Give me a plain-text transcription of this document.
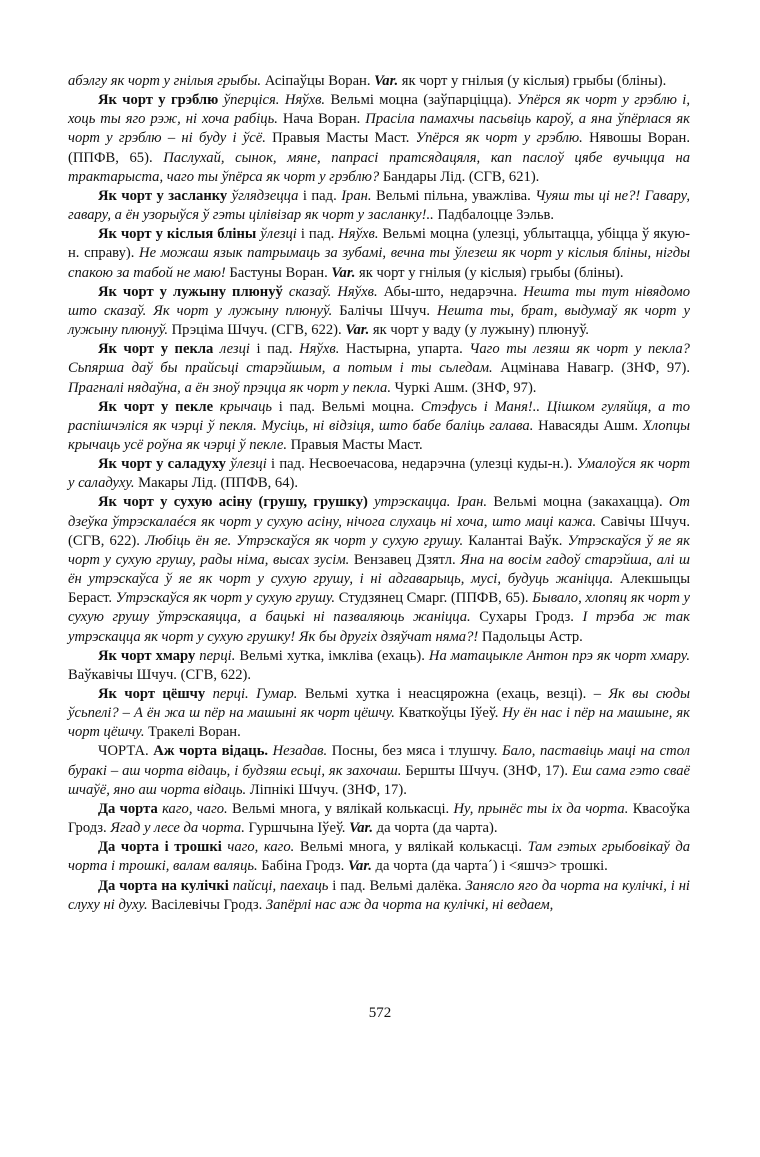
абэлгу як чорт у гнілыя грыбы. Асіпаўцы Воран. Var. як чорт у гнілыя (у кіслыя) грыбы (бліны).

Як чорт у грэблю ўперціся. Няўхв. Вельмі моцна (заўпарціцца). Упёрся як чорт у грэблю і, хоць ты яго рэж, ні хоча рабіць. Нача Воран. Прасіла памахчы пасьвіць кароў, а яна ўпёрлася як чорт у грэблю – ні буду і ўсё. Правыя Масты Маст. Упёрся як чорт у грэблю. Нявошы Воран. (ППФВ, 65). Паслухай, сынок, мяне, папрасі пратсядацяля, кап паслоў цябе вучыцца на трактарыста, чаго ты ўпёрса як чорт у грэблю? Бандары Лід. (СГВ, 621).

Як чорт у засланку ўглядзецца і пад. Іран. Вельмі пільна, уважліва. Чуяш ты ці не?! Гавару, гавару, а ён узорыўся ў гэты цілівізар як чорт у засланку!.. Падбалоцце Зэльв.

Як чорт у кіслыя бліны ўлезці і пад. Няўхв. Вельмі моцна (улезці, ублытацца, убіцца ў якую-н. справу). Не можаш язык патрымаць за зубамі, вечна ты ўлезеш як чорт у кіслыя бліны, нігды спакою за табой не маю! Бастуны Воран. Var. як чорт у гнілыя (у кіслыя) грыбы (бліны).

Як чорт у лужыну плюнуў сказаў. Няўхв. Абы-што, недарэчна. Нешта ты тут нівядомо што сказаў. Як чорт у лужыну плюнуў. Балічы Шчуч. Нешта ты, брат, выдумаў як чорт у лужыну плюнуў. Прэціма Шчуч. (СГВ, 622). Var. як чорт у ваду (у лужыну) плюнуў.

Як чорт у пекла лезці і пад. Няўхв. Настырна, упарта. Чаго ты лезяш як чорт у пекла? Сьпярша даў бы прайсьці старэйшым, а потым і ты сьледам. Ацмінава Навагр. (ЗНФ, 97). Прагналі нядаўна, а ён зноў прэцца як чорт у пекла. Чуркі Ашм. (ЗНФ, 97).

Як чорт у пекле крычаць і пад. Вельмі моцна. Стэфусь і Маня!.. Цішком гуляйця, а то распішчэліся як чэрці ў пекля. Мусіць, ні відзіця, што бабе баліць галава. Навасяды Ашм. Хлопцы крычаць усё роўна як чэрці ў пекле. Правыя Масты Маст.

Як чорт у саладуху ўлезці і пад. Несвоечасова, недарэчна (улезці куды-н.). Умалоўся як чорт у саладуху. Макары Лід. (ППФВ, 64).

Як чорт у сухую асіну (грушу, грушку) утрэскацца. Іран. Вельмі моцна (закахацца). От дзеўка ўтрэскалаéся як чорт у сухую асіну, нічога слухаць ні хоча, што маці кажа. Савічы Шчуч. (СГВ, 622). Любіць ён яе. Утрэскаўся як чорт у сухую грушу. Калантаі Ваўк. Утрэскаўся ў яе як чорт у сухую грушу, рады німа, высах зусім. Вензавец Дзятл. Яна на восім гадоў старэйша, алі ш ён утрэскаўса ў яе як чорт у сухую грушу, і ні адгаварыць, мусі, будуць жаніцца. Алекшыцы Бераст. Утрэскаўся як чорт у сухую грушу. Студзянец Смарг. (ППФВ, 65). Бывало, хлопяц як чорт у сухую грушу ўтрэскаяцца, а бацькі ні пазваляюць жаніцца. Сухары Гродз. І трэба ж так утрэскацца як чорт у сухую грушку! Як бы другіх дзяўчат няма?! Падольцы Астр.

Як чорт хмару перці. Вельмі хутка, імкліва (ехаць). На матацыкле Антон прэ як чорт хмару. Ваўкавічы Шчуч. (СГВ, 622).

Як чорт цёшчу перці. Гумар. Вельмі хутка і неасцярожна (ехаць, везці). – Як вы сюды ўсьпелі? – А ён жа ш пёр на машыні як чорт цёшчу. Кваткоўцы Іўеў. Ну ён нас і пёр на машыне, як чорт цёшчу. Тракелі Воран.

ЧОРТА. Аж чорта відаць. Незадав. Посны, без мяса і тлушчу. Бало, паставіць маці на стол буракі – аш чорта відаць, і будзяш есьці, як захочаш. Бершты Шчуч. (ЗНФ, 17). Еш сама гэто сваё шчаўё, яно аш чорта відаць. Ліпнікі Шчуч. (ЗНФ, 17).

Да чорта каго, чаго. Вельмі многа, у вялікай колькасці. Ну, прынёс ты іх да чорта. Квасоўка Гродз. Ягад у лесе да чорта. Гуршчына Іўеў. Var. да чорта (да чарта).

Да чорта і трошкі чаго, каго. Вельмі многа, у вялікай колькасці. Там гэтых грыбовікаў да чорта і трошкі, валам валяць. Бабіна Гродз. Var. да чорта (да чарта´) і <яшчэ> трошкі.

Да чорта на кулічкі пайсці, паехаць і пад. Вельмі далёка. Занясло яго да чорта на кулічкі, і ні слуху ні духу. Васілевічы Гродз. Запёрлі нас аж да чорта на кулічкі, ні ведаем,

572
